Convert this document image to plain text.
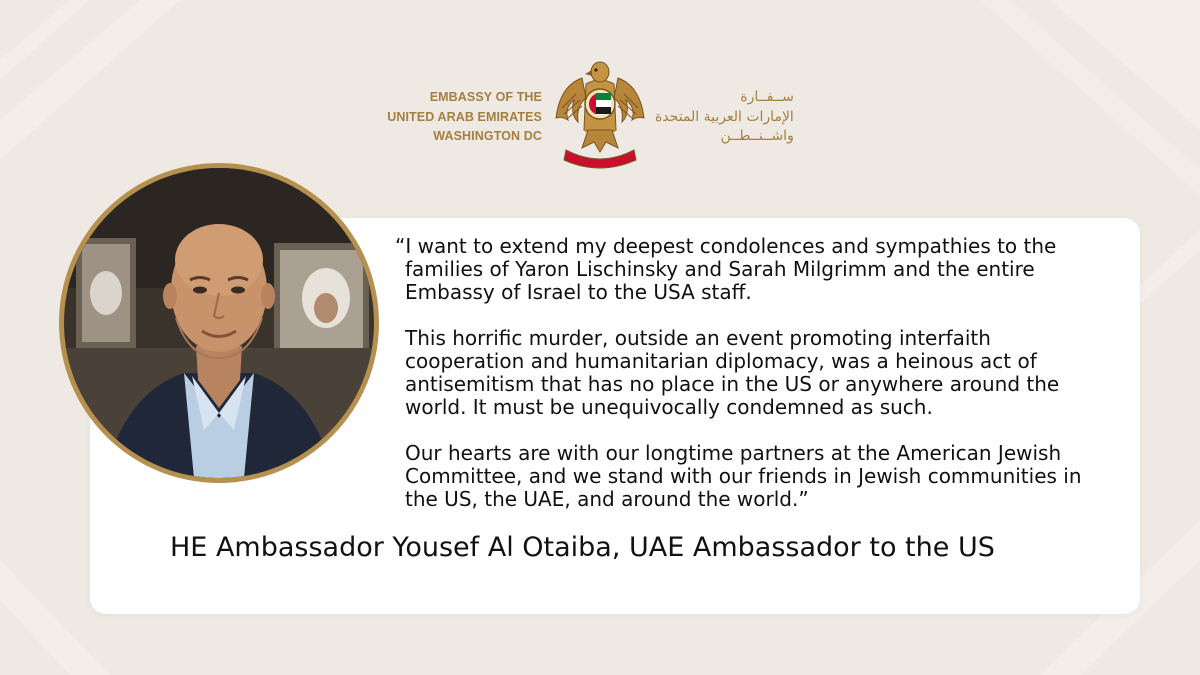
EMBASSY OF THE
UNITED ARAB EMIRATES
WASHINGTON DC
ســفــارة
الإمارات العربية المتحدة
واشــنــطــن

“I want to extend my deepest condolences and sympathies to the families of Yaron Lischinsky and Sarah Milgrimm and the entire Embassy of Israel to the USA staff.

This horrific murder, outside an event promoting interfaith cooperation and humanitarian diplomacy, was a heinous act of antisemitism that has no place in the US or anywhere around the world. It must be unequivocally condemned as such.

Our hearts are with our longtime partners at the American Jewish Committee, and we stand with our friends in Jewish communities in the US, the UAE, and around the world.”

HE Ambassador Yousef Al Otaiba, UAE Ambassador to the US
